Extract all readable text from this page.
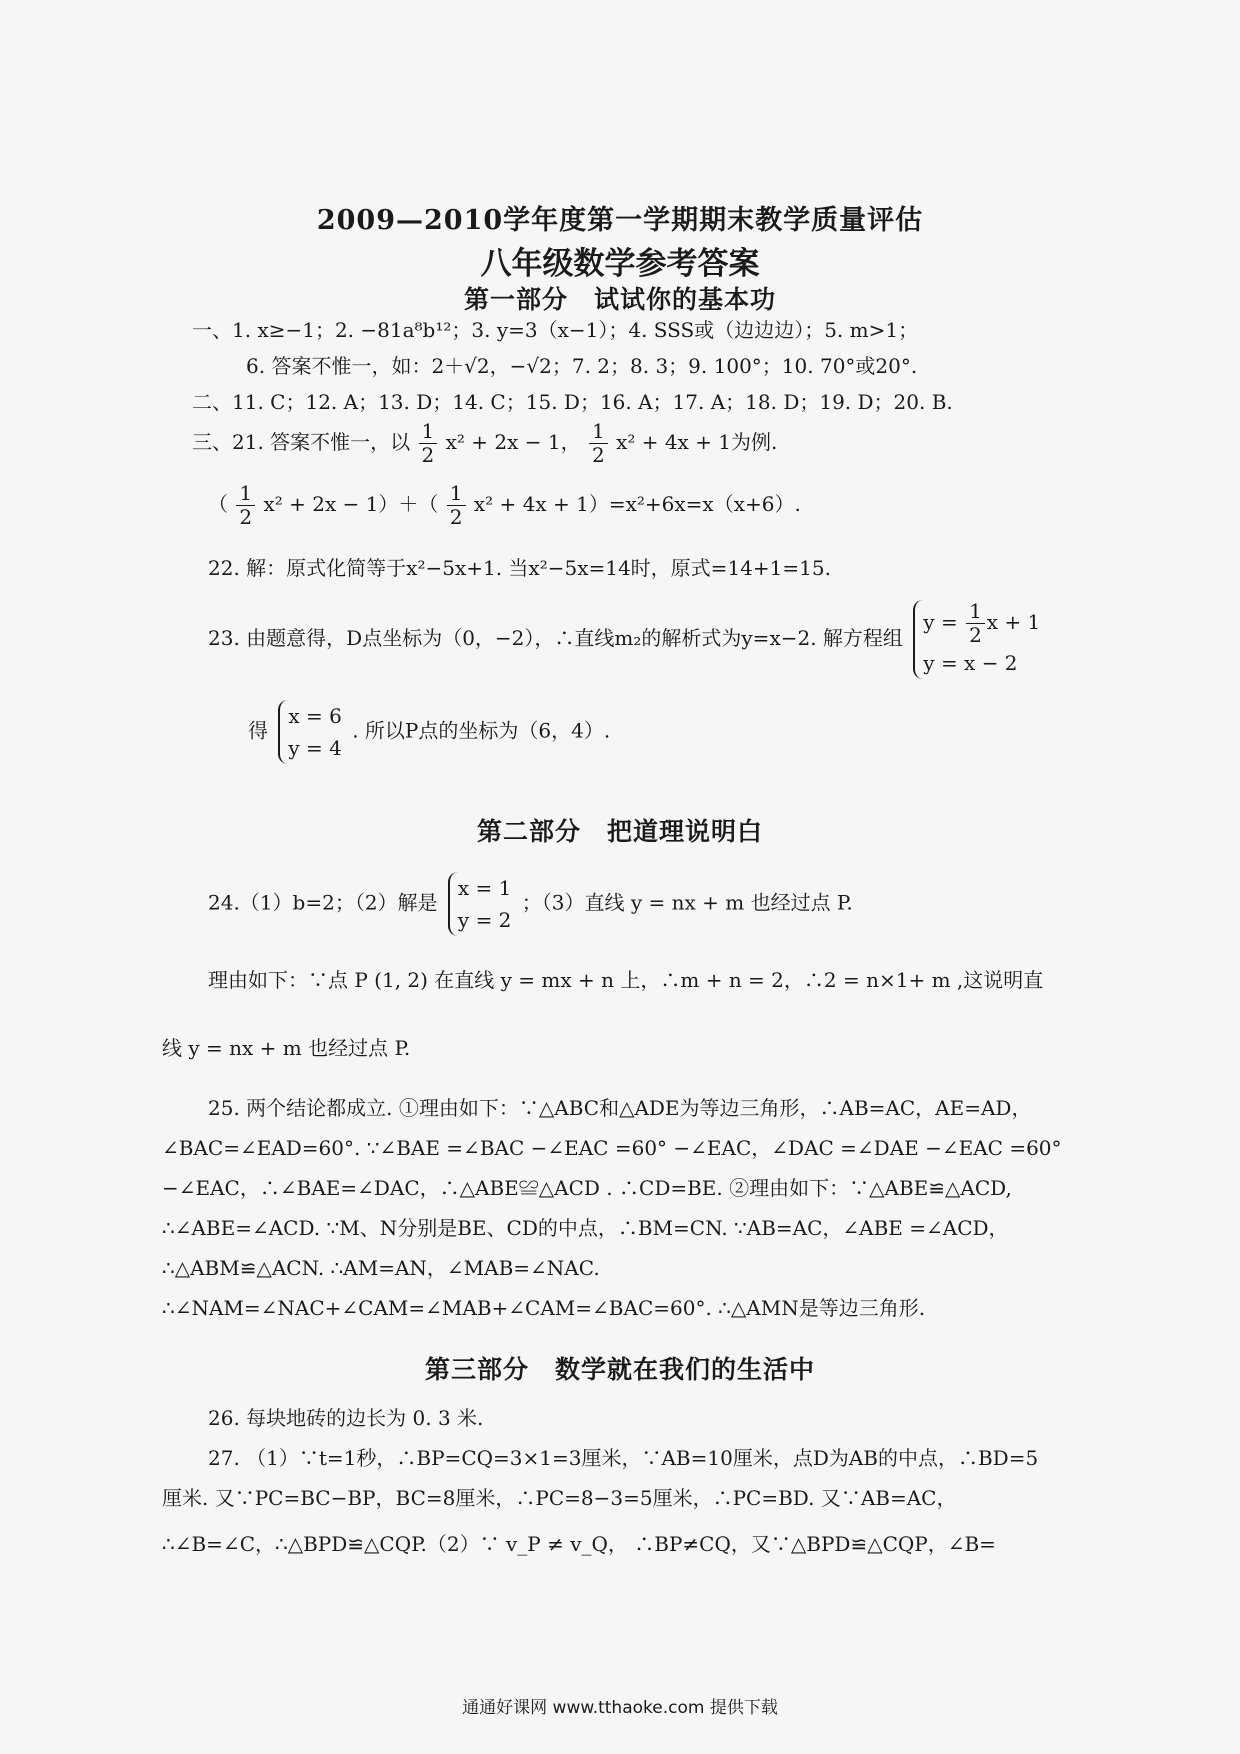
2009—2010学年度第一学期期末教学质量评估
八年级数学参考答案
第一部分　试试你的基本功
一、1. x≥−1；2. −81a⁸b¹²；3. y=3（x−1）；4. SSS或（边边边）；5. m>1；
6. 答案不惟一，如：2＋√2，−√2；7. 2；8. 3；9. 100°；10. 70°或20°.
二、11. C；12. A；13. D；14. C；15. D；16. A；17. A；18. D；19. D；20. B.
三、21. 答案不惟一，以 $\frac{1}{2} x^2 + 2x - 1$， $\frac{1}{2} x^2 + 4x + 1$为例.
（ $\frac{1}{2} x^2 + 2x - 1)+( \frac{1}{2} x^2 + 4x + 1)=x^2+6x=x(x+6)$.
22. 解：原式化简等于x²−5x+1. 当x²−5x=14时，原式=14+1=15.
23. 由题意得，D点坐标为（0，−2），∴直线m₂的解析式为y=x−2. 解方程组
$y = \frac{1}{2}$ x + 1
y = x − 2
得
x = 6
y = 4
. 所以P点的坐标为（6，4）.
第二部分　把道理说明白
24.（1）b=2；（2）解是
x = 1
y = 2
；（3）直线 y = nx + m 也经过点 P.
理由如下：∵点 P (1, 2) 在直线 y = mx + n 上，∴m + n = 2，∴2 = n×1+ m ,这说明直
线 y = nx + m 也经过点 P.
25. 两个结论都成立. ①理由如下：∵△ABC和△ADE为等边三角形，∴AB=AC，AE=AD，
∠BAC=∠EAD=60°. ∵∠BAE =∠BAC −∠EAC =60° −∠EAC，∠DAC =∠DAE −∠EAC =60°
−∠EAC，∴∠BAE=∠DAC，∴△ABE≌△ACD . ∴CD=BE. ②理由如下：∵△ABE≌△ACD,
∴∠ABE=∠ACD. ∵M、N分别是BE、CD的中点，∴BM=CN. ∵AB=AC，∠ABE =∠ACD，
∴△ABM≌△ACN. ∴AM=AN，∠MAB=∠NAC.
∴∠NAM=∠NAC+∠CAM=∠MAB+∠CAM=∠BAC=60°. ∴△AMN是等边三角形.
第三部分　数学就在我们的生活中
26. 每块地砖的边长为 0. 3 米.
27. （1）∵t=1秒，∴BP=CQ=3×1=3厘米，∵AB=10厘米，点D为AB的中点，∴BD=5
厘米. 又∵PC=BC−BP，BC=8厘米，∴PC=8−3=5厘米，∴PC=BD. 又∵AB=AC，
∴∠B=∠C，∴△BPD≌△CQP.（2）∵ v_P ≠ v_Q， ∴BP≠CQ，又∵△BPD≌△CQP，∠B=
通通好课网 www.tthaoke.com 提供下载
